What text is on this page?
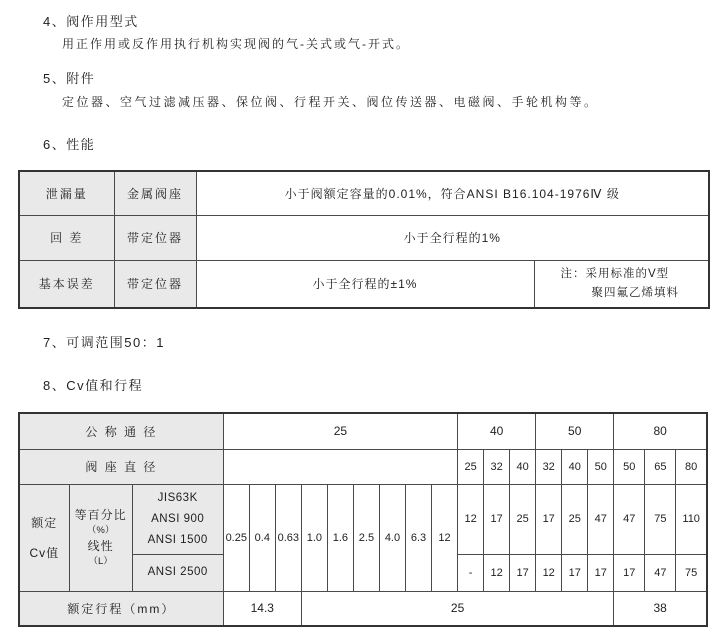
4、阀作用型式
用正作用或反作用执行机构实现阀的气-关式或气-开式。
5、附件
定位器、空气过滤减压器、保位阀、行程开关、阀位传送器、电磁阀、手轮机构等。
6、性能
7、可调范围50：1
8、Cv值和行程
泄漏量	金属阀座	小于阀额定容量的0.01%，符合ANSI B16.104-1976Ⅳ 级	
回 差	带定位器	小于全行程的1%	
基本误差	带定位器	小于全行程的±1%	注：采用标准的V型
聚四氟乙烯填料
公 称 通 径			25									40			50			80		
阀 座 直 径												25	32	40	32	40	50	50	65	80

额定
Cv值	等百分比
（%）
线性
（L）	JIS63K
ANSI 900
ANSI 1500	0.25	0.4	0.63	1.0	1.6	2.5	4.0	6.3	12	12	17	25	17	25	47	47	75	110
		ANSI 2500										-	12	17	12	17	17	17	47	75
额定行程（mm）			14.3			25												38		
